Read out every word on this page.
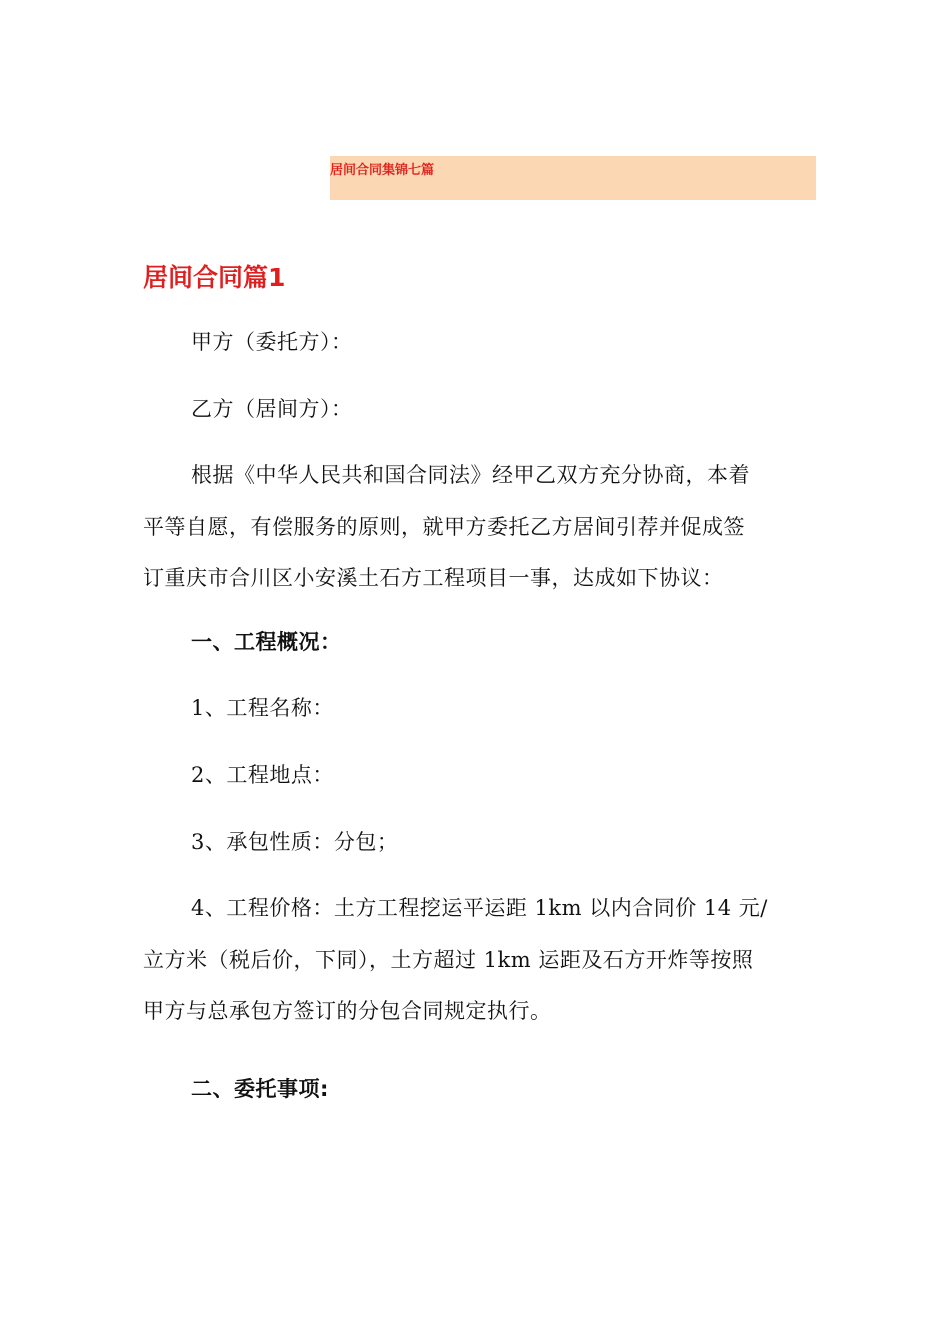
居间合同集锦七篇
居间合同篇1
甲方（委托方）：
乙方（居间方）：
根据《中华人民共和国合同法》经甲乙双方充分协商，本着
平等自愿，有偿服务的原则，就甲方委托乙方居间引荐并促成签
订重庆市合川区小安溪土石方工程项目一事，达成如下协议：
一、工程概况：
1、工程名称：
2、工程地点：
3、承包性质：分包；
4、工程价格：土方工程挖运平运距 1km 以内合同价 14 元/
立方米（税后价，下同），土方超过 1km 运距及石方开炸等按照
甲方与总承包方签订的分包合同规定执行。
二、委托事项:
